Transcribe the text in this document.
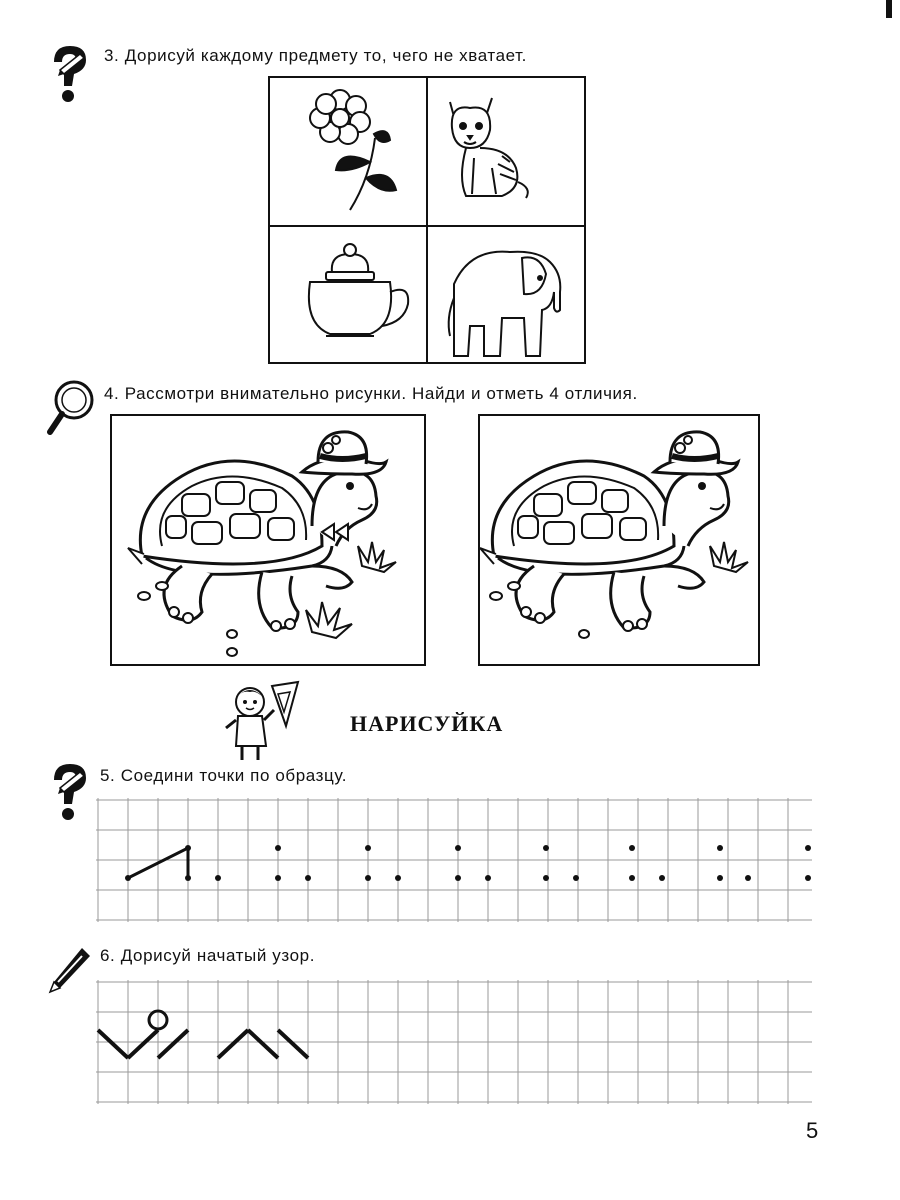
3. Дорисуй каждому предмету то, чего не хватает.
4. Рассмотри внимательно рисунки. Найди и отметь 4 отличия.
НАРИСУЙКА
5. Соедини точки по образцу.
6. Дорисуй начатый узор.
5
